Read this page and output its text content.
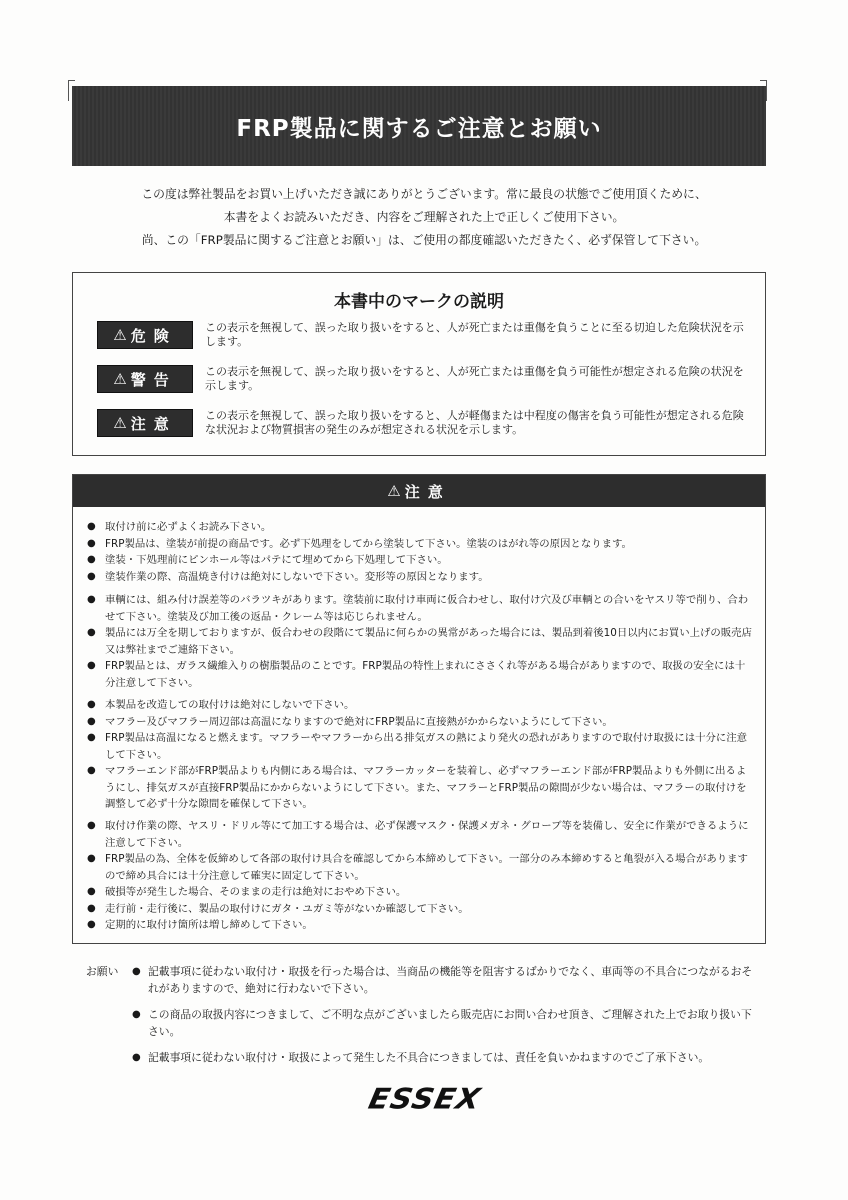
FRP製品に関するご注意とお願い

この度は弊社製品をお買い上げいただき誠にありがとうございます。常に最良の状態でご使用頂くために、

本書をよくお読みいただき、内容をご理解された上で正しくご使用下さい。

尚、この「FRP製品に関するご注意とお願い」は、ご使用の都度確認いただきたく、必ず保管して下さい。

本書中のマークの説明
⚠ 危険	この表示を無視して、誤った取り扱いをすると、人が死亡または重傷を負うことに至る切迫した危険状況を示します。
⚠ 警告	この表示を無視して、誤った取り扱いをすると、人が死亡または重傷を負う可能性が想定される危険の状況を示します。
⚠ 注意	この表示を無視して、誤った取り扱いをすると、人が軽傷または中程度の傷害を負う可能性が想定される危険な状況および物質損害の発生のみが想定される状況を示します。
⚠ 注意
● 取付け前に必ずよくお読み下さい。
● FRP製品は、塗装が前提の商品です。必ず下処理をしてから塗装して下さい。塗装のはがれ等の原因となります。
● 塗装・下処理前にピンホール等はパテにて埋めてから下処理して下さい。
● 塗装作業の際、高温焼き付けは絶対にしないで下さい。変形等の原因となります。
● 車輌には、組み付け誤差等のバラツキがあります。塗装前に取付け車両に仮合わせし、取付け穴及び車輌との合いをヤスリ等で削り、合わせて下さい。塗装及び加工後の返品・クレーム等は応じられません。
● 製品には万全を期しておりますが、仮合わせの段階にて製品に何らかの異常があった場合には、製品到着後10日以内にお買い上げの販売店又は弊社までご連絡下さい。
● FRP製品とは、ガラス繊維入りの樹脂製品のことです。FRP製品の特性上まれにささくれ等がある場合がありますので、取扱の安全には十分注意して下さい。
● 本製品を改造しての取付けは絶対にしないで下さい。
● マフラー及びマフラー周辺部は高温になりますので絶対にFRP製品に直接熱がかからないようにして下さい。
● FRP製品は高温になると燃えます。マフラーやマフラーから出る排気ガスの熱により発火の恐れがありますので取付け取扱には十分に注意して下さい。
● マフラーエンド部がFRP製品よりも内側にある場合は、マフラーカッターを装着し、必ずマフラーエンド部がFRP製品よりも外側に出るようにし、排気ガスが直接FRP製品にかからないようにして下さい。また、マフラーとFRP製品の隙間が少ない場合は、マフラーの取付けを調整して必ず十分な隙間を確保して下さい。
● 取付け作業の際、ヤスリ・ドリル等にて加工する場合は、必ず保護マスク・保護メガネ・グローブ等を装備し、安全に作業ができるように注意して下さい。
● FRP製品の為、全体を仮締めして各部の取付け具合を確認してから本締めして下さい。一部分のみ本締めすると亀裂が入る場合がありますので締め具合には十分注意して確実に固定して下さい。
● 破損等が発生した場合、そのままの走行は絶対におやめ下さい。
● 走行前・走行後に、製品の取付けにガタ・ユガミ等がないか確認して下さい。
● 定期的に取付け箇所は増し締めして下さい。
お願い
●	記載事項に従わない取付け・取扱を行った場合は、当商品の機能等を阻害するばかりでなく、車両等の不具合につながるおそれがありますので、絶対に行わないで下さい。
● この商品の取扱内容につきまして、ご不明な点がございましたら販売店にお問い合わせ頂き、ご理解された上でお取り扱い下さい。
● 記載事項に従わない取付け・取扱によって発生した不具合につきましては、責任を負いかねますのでご了承下さい。
ESSEX
